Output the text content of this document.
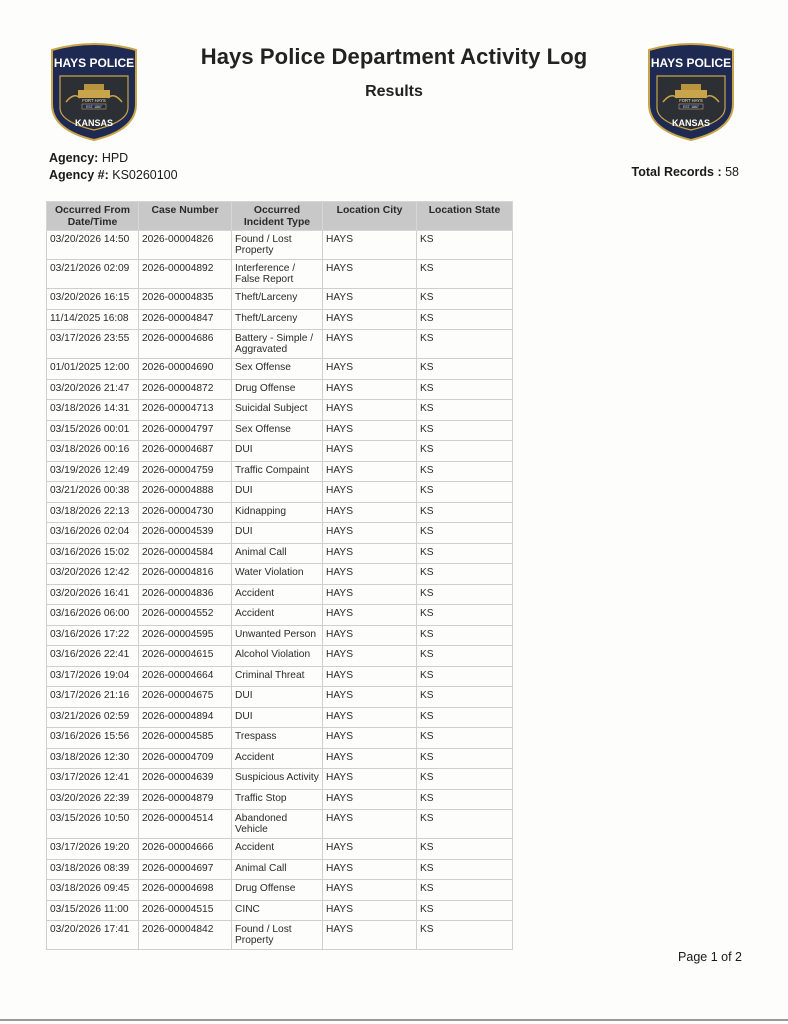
HAYS POLICE
FORT HAYS
EST. 1867
KANSAS
HAYS POLICE
FORT HAYS
EST. 1867
KANSAS
Hays Police Department Activity Log
Results
Agency: HPD
Agency #: KS0260100	Total Records : 58
Occurred From Date/Time	Case Number	Occurred Incident Type	Location City	Location State
03/20/2026 14:50	2026-00004826	Found / Lost Property	HAYS	KS
03/21/2026 02:09	2026-00004892	Interference / False Report	HAYS	KS
03/20/2026 16:15	2026-00004835	Theft/Larceny	HAYS	KS
11/14/2025 16:08	2026-00004847	Theft/Larceny	HAYS	KS
03/17/2026 23:55	2026-00004686	Battery - Simple / Aggravated	HAYS	KS
01/01/2025 12:00	2026-00004690	Sex Offense	HAYS	KS
03/20/2026 21:47	2026-00004872	Drug Offense	HAYS	KS
03/18/2026 14:31	2026-00004713	Suicidal Subject	HAYS	KS
03/15/2026 00:01	2026-00004797	Sex Offense	HAYS	KS
03/18/2026 00:16	2026-00004687	DUI	HAYS	KS
03/19/2026 12:49	2026-00004759	Traffic Compaint	HAYS	KS
03/21/2026 00:38	2026-00004888	DUI	HAYS	KS
03/18/2026 22:13	2026-00004730	Kidnapping	HAYS	KS
03/16/2026 02:04	2026-00004539	DUI	HAYS	KS
03/16/2026 15:02	2026-00004584	Animal Call	HAYS	KS
03/20/2026 12:42	2026-00004816	Water Violation	HAYS	KS
03/20/2026 16:41	2026-00004836	Accident	HAYS	KS
03/16/2026 06:00	2026-00004552	Accident	HAYS	KS
03/16/2026 17:22	2026-00004595	Unwanted Person	HAYS	KS
03/16/2026 22:41	2026-00004615	Alcohol Violation	HAYS	KS
03/17/2026 19:04	2026-00004664	Criminal Threat	HAYS	KS
03/17/2026 21:16	2026-00004675	DUI	HAYS	KS
03/21/2026 02:59	2026-00004894	DUI	HAYS	KS
03/16/2026 15:56	2026-00004585	Trespass	HAYS	KS
03/18/2026 12:30	2026-00004709	Accident	HAYS	KS
03/17/2026 12:41	2026-00004639	Suspicious Activity	HAYS	KS
03/20/2026 22:39	2026-00004879	Traffic Stop	HAYS	KS
03/15/2026 10:50	2026-00004514	Abandoned Vehicle	HAYS	KS
03/17/2026 19:20	2026-00004666	Accident	HAYS	KS
03/18/2026 08:39	2026-00004697	Animal Call	HAYS	KS
03/18/2026 09:45	2026-00004698	Drug Offense	HAYS	KS
03/15/2026 11:00	2026-00004515	CINC	HAYS	KS
03/20/2026 17:41	2026-00004842	Found / Lost Property	HAYS	KS
Page 1 of 2
